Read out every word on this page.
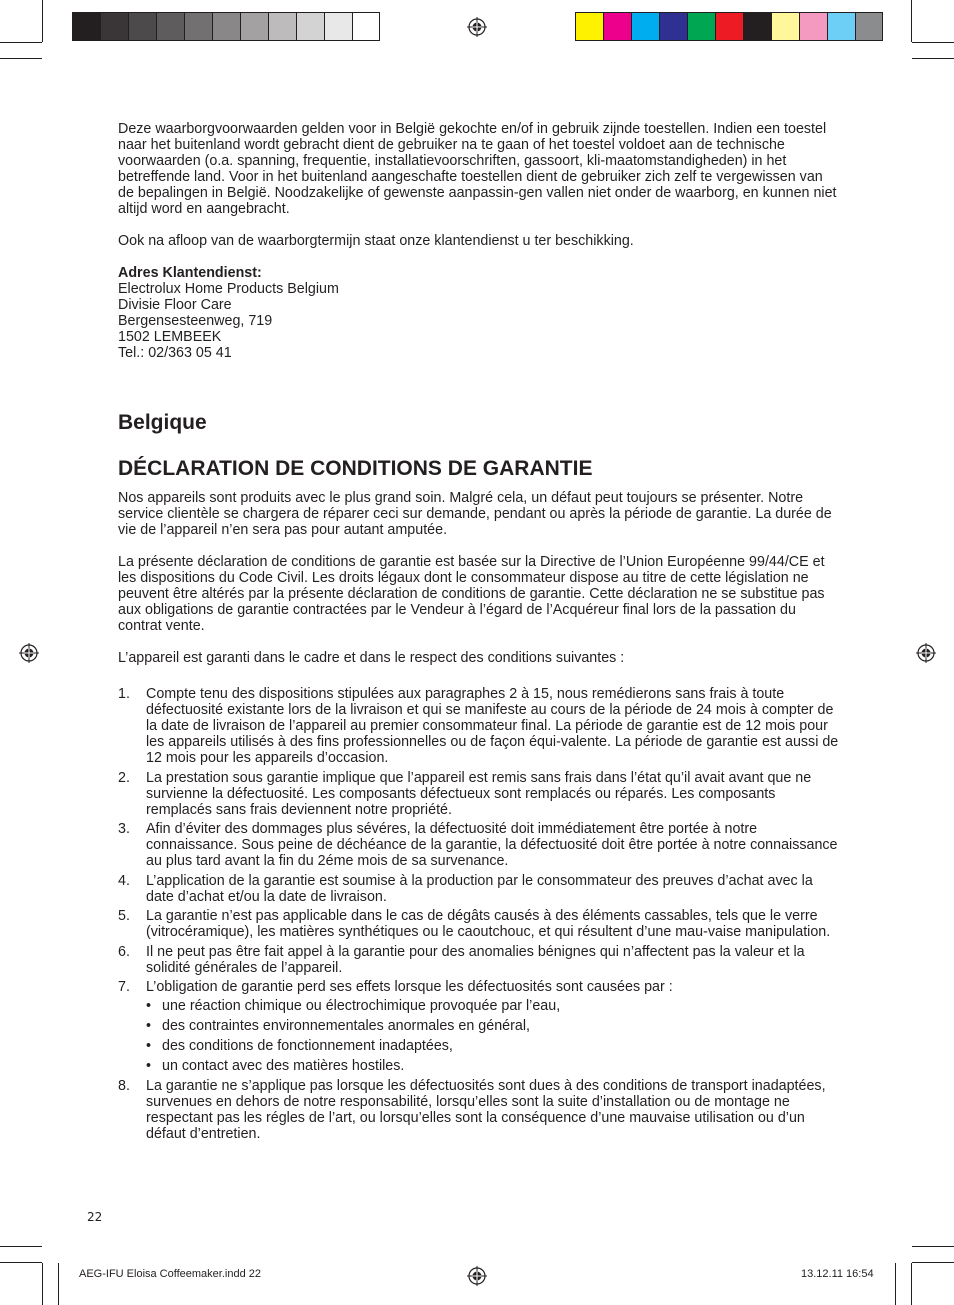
Deze waarborgvoorwaarden gelden voor in België gekochte en/of in gebruik zijnde toestellen. Indien een toestel naar het buitenland wordt gebracht dient de gebruiker na te gaan of het toestel voldoet aan de technische voorwaarden (o.a. spanning, frequentie, installatievoorschriften, gassoort, kli-maatomstandigheden) in het betreffende land. Voor in het buitenland aangeschafte toestellen dient de gebruiker zich zelf te vergewissen van de bepalingen in België. Noodzakelijke of gewenste aanpassin-gen vallen niet onder de waarborg, en kunnen niet altijd word en aangebracht.

Ook na afloop van de waarborgtermijn staat onze klantendienst u ter beschikking.

Adres Klantendienst:

Electrolux Home Products Belgium

Divisie Floor Care

Bergensesteenweg, 719

1502 LEMBEEK

Tel.: 02/363 05 41

Belgique

DÉCLARATION DE CONDITIONS DE GARANTIE

Nos appareils sont produits avec le plus grand soin. Malgré cela, un défaut peut toujours se présenter. Notre service clientèle se chargera de réparer ceci sur demande, pendant ou après la période de garantie. La durée de vie de l’appareil n’en sera pas pour autant amputée.

La présente déclaration de conditions de garantie est basée sur la Directive de l’Union Européenne 99/44/CE et les dispositions du Code Civil. Les droits légaux dont le consommateur dispose au titre de cette législation ne peuvent être altérés par la présente déclaration de conditions de garantie. Cette déclaration ne se substitue pas aux obligations de garantie contractées par le Vendeur à l’égard de l’Acquéreur final lors de la passation du contrat vente.

L’appareil est garanti dans le cadre et dans le respect des conditions suivantes :

1. Compte tenu des dispositions stipulées aux paragraphes 2 à 15, nous remédierons sans frais à toute défectuosité existante lors de la livraison et qui se manifeste au cours de la période de 24 mois à compter de la date de livraison de l’appareil au premier consommateur final. La période de garantie est de 12 mois pour les appareils utilisés à des fins professionnelles ou de façon équi-valente. La période de garantie est aussi de 12 mois pour les appareils d’occasion.
2. La prestation sous garantie implique que l’appareil est remis sans frais dans l’état qu’il avait avant que ne survienne la défectuosité. Les composants défectueux sont remplacés ou réparés. Les composants remplacés sans frais deviennent notre propriété.
3. Afin d’éviter des dommages plus sévéres, la défectuosité doit immédiatement être portée à notre connaissance. Sous peine de déchéance de la garantie, la défectuosité doit être portée à notre connaissance au plus tard avant la fin du 2éme mois de sa survenance.
4. L’application de la garantie est soumise à la production par le consommateur des preuves d’achat avec la date d’achat et/ou la date de livraison.
5. La garantie n’est pas applicable dans le cas de dégâts causés à des éléments cassables, tels que le verre (vitrocéramique), les matières synthétiques ou le caoutchouc, et qui résultent d’une mau-vaise manipulation.
6. Il ne peut pas être fait appel à la garantie pour des anomalies bénignes qui n’affectent pas la valeur et la solidité générales de l’appareil.
7. L’obligation de garantie perd ses effets lorsque les défectuosités sont causées par :
• une réaction chimique ou électrochimique provoquée par l’eau,
• des contraintes environnementales anormales en général,
• des conditions de fonctionnement inadaptées,
• un contact avec des matières hostiles.
8. La garantie ne s’applique pas lorsque les défectuosités sont dues à des conditions de transport inadaptées, survenues en dehors de notre responsabilité, lorsqu’elles sont la suite d’installation ou de montage ne respectant pas les régles de l’art, ou lorsqu’elles sont la conséquence d’une mauvaise utilisation ou d’un défaut d’entretien.
22
AEG-IFU Eloisa Coffeemaker.indd 22	13.12.11 16:54
